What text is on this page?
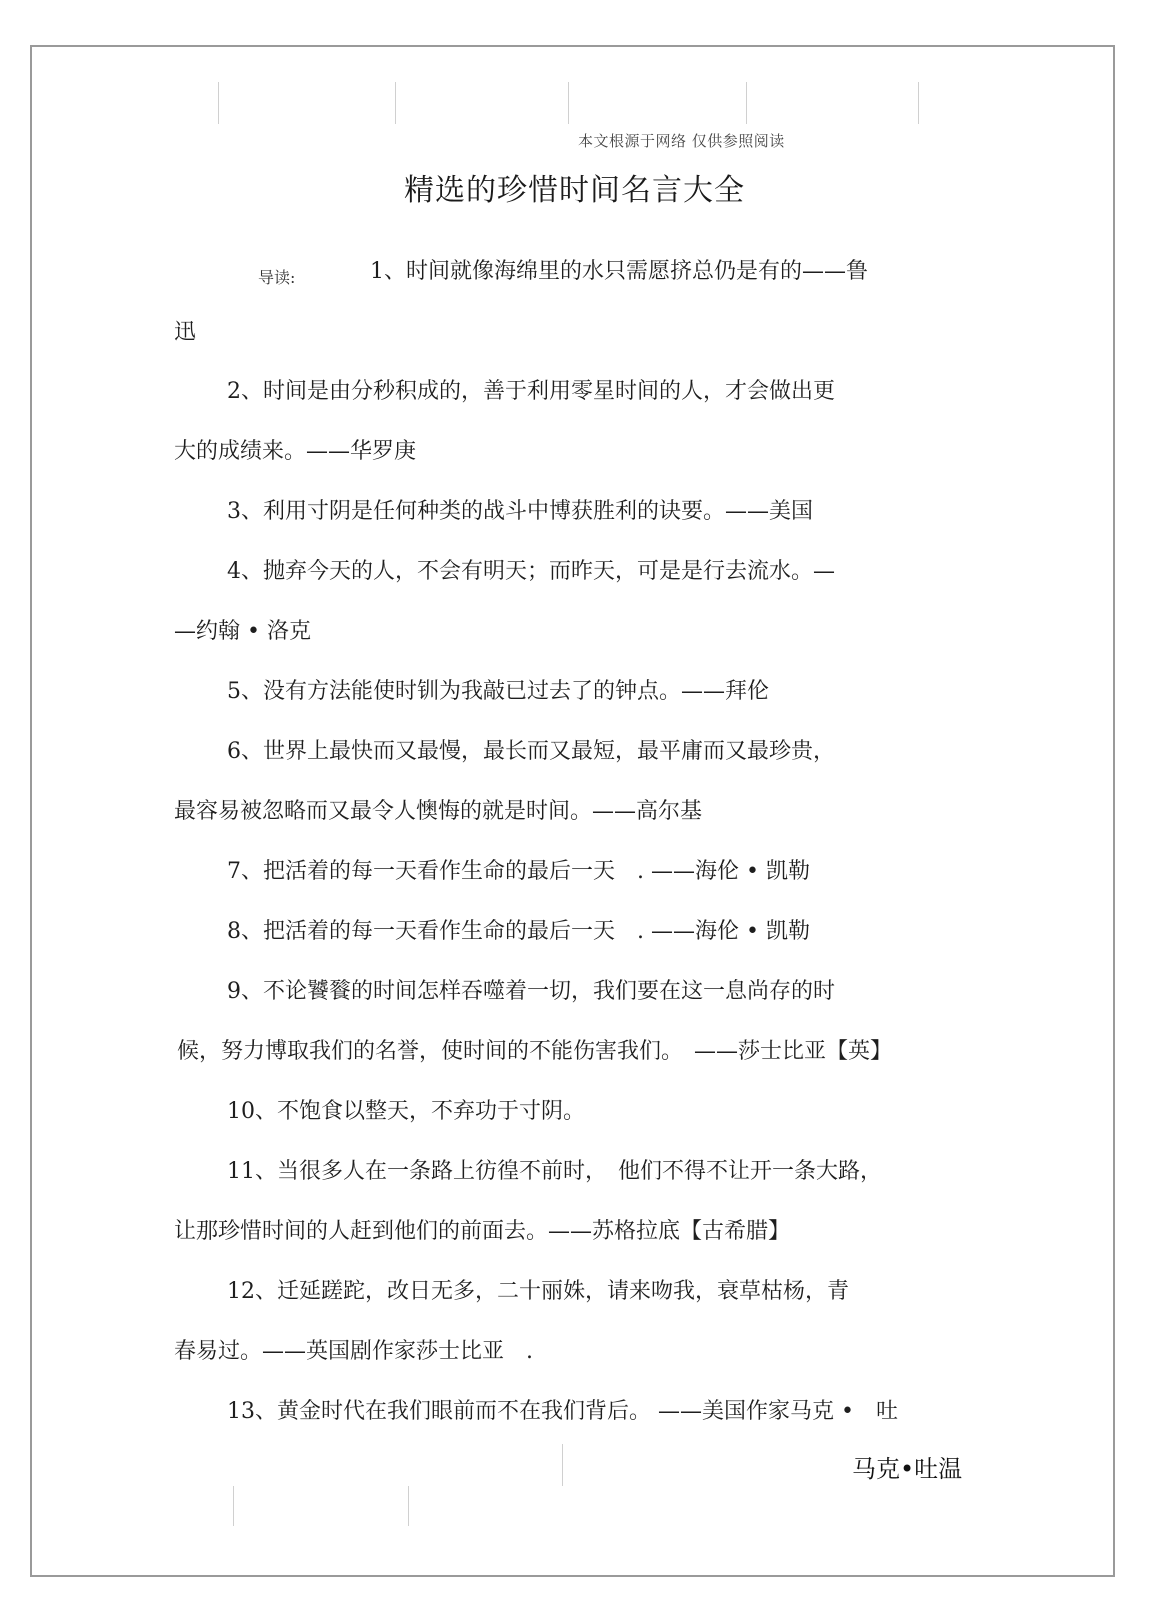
本文根源于网络 仅供参照阅读
精选的珍惜时间名言大全
导读:	1、时间就像海绵里的水只需愿挤总仍是有的——鲁
迅
2、时间是由分秒积成的，善于利用零星时间的人，才会做出更
大的成绩来。——华罗庚
3、利用寸阴是任何种类的战斗中博获胜利的诀要。——美国
4、抛弃今天的人，不会有明天；而昨天，可是是行去流水。—
—约翰 • 洛克
5、没有方法能使时钏为我敲已过去了的钟点。——拜伦
6、世界上最快而又最慢，最长而又最短，最平庸而又最珍贵，
最容易被忽略而又最令人懊悔的就是时间。——高尔基
7、把活着的每一天看作生命的最后一天　. ——海伦 • 凯勒
8、把活着的每一天看作生命的最后一天　. ——海伦 • 凯勒
9、不论饕餮的时间怎样吞噬着一切，我们要在这一息尚存的时
候，努力博取我们的名誉，使时间的不能伤害我们。　——莎士比亚【英】
10、不饱食以整天，不弃功于寸阴。
11、当很多人在一条路上彷徨不前时，　他们不得不让开一条大路，
让那珍惜时间的人赶到他们的前面去。——苏格拉底【古希腊】
12、迁延蹉跎，改日无多，二十丽姝，请来吻我，衰草枯杨，青
春易过。——英国剧作家莎士比亚　.
13、黄金时代在我们眼前而不在我们背后。 ——美国作家马克 •　吐
马克•吐温
